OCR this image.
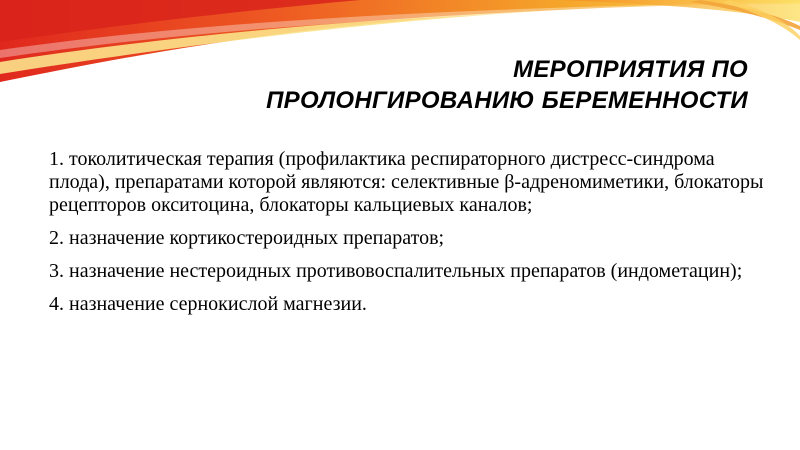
МЕРОПРИЯТИЯ ПО
ПРОЛОНГИРОВАНИЮ БЕРЕМЕННОСТИ
1. токолитическая терапия (профилактика респираторного дистресс-синдрома плода), препаратами которой являются: селективные β-адреномиметики, блокаторы рецепторов окситоцина, блокаторы кальциевых каналов;
2. назначение кортикостероидных препаратов;
3. назначение нестероидных противовоспалительных препаратов (индометацин);
4. назначение сернокислой магнезии.
